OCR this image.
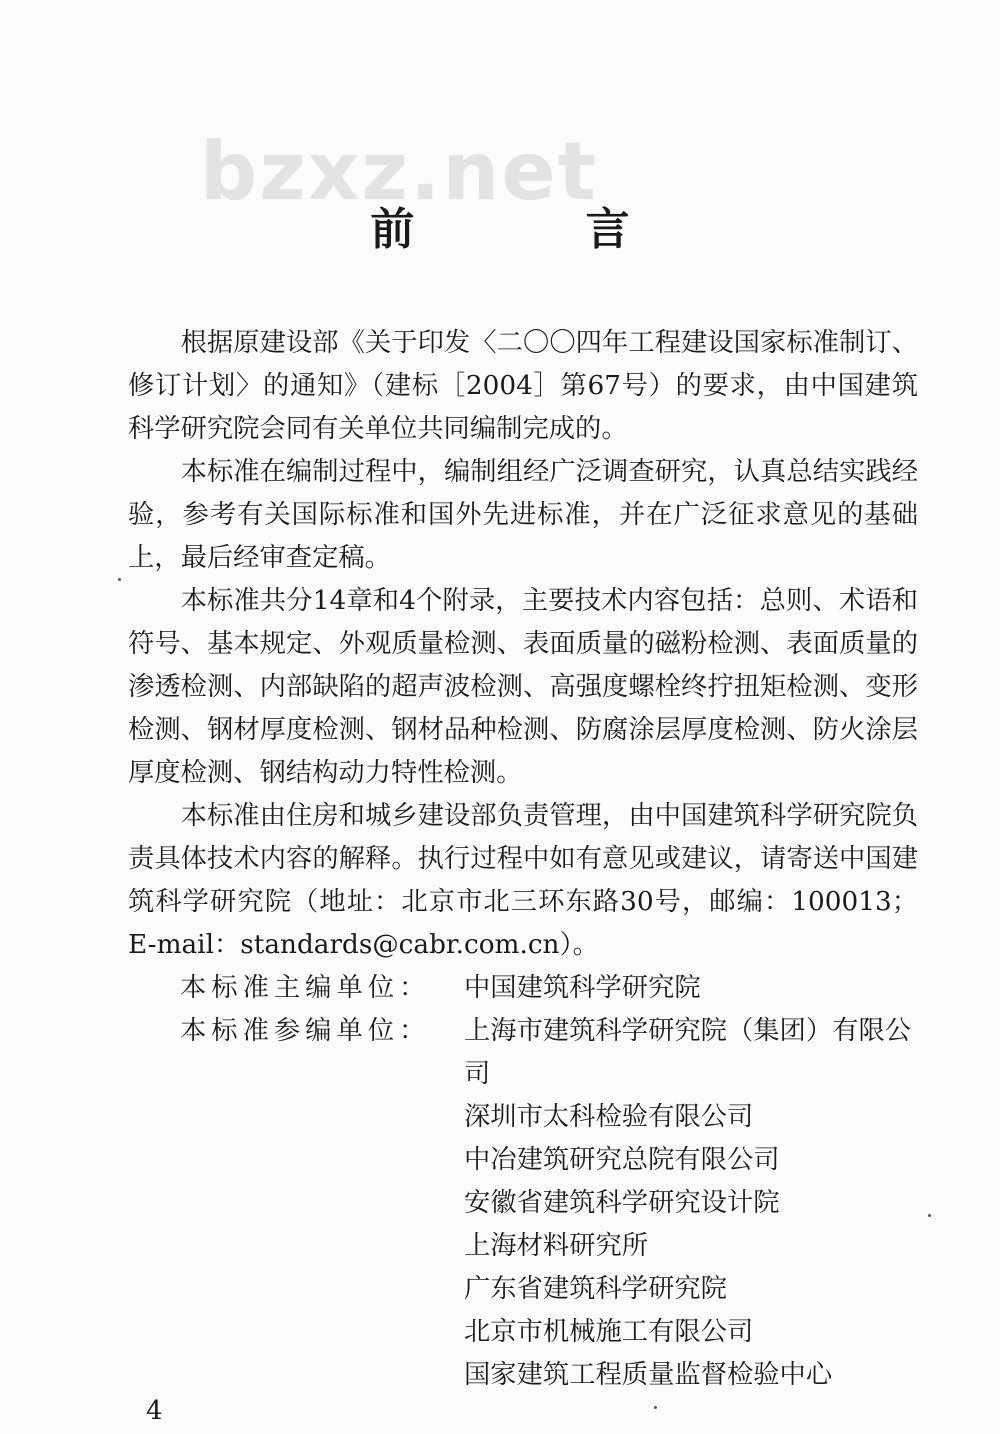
bzxz.net

前 言

根据原建设部《关于印发〈二〇〇四年工程建设国家标准制订、修订计划〉的通知》（建标［2004］第67号）的要求，由中国建筑科学研究院会同有关单位共同编制完成的。

本标准在编制过程中，编制组经广泛调查研究，认真总结实践经验，参考有关国际标准和国外先进标准，并在广泛征求意见的基础上，最后经审查定稿。

本标准共分14章和4个附录，主要技术内容包括：总则、术语和符号、基本规定、外观质量检测、表面质量的磁粉检测、表面质量的渗透检测、内部缺陷的超声波检测、高强度螺栓终拧扭矩检测、变形检测、钢材厚度检测、钢材品种检测、防腐涂层厚度检测、防火涂层厚度检测、钢结构动力特性检测。

本标准由住房和城乡建设部负责管理，由中国建筑科学研究院负责具体技术内容的解释。执行过程中如有意见或建议，请寄送中国建筑科学研究院（地址：北京市北三环东路30号，邮编：100013；E-mail：standards@cabr.com.cn）。

本标准主编单位：	中国建筑科学研究院
本标准参编单位：	上海市建筑科学研究院（集团）有限公司
深圳市太科检验有限公司
中冶建筑研究总院有限公司
安徽省建筑科学研究设计院
上海材料研究所
广东省建筑科学研究院
北京市机械施工有限公司
国家建筑工程质量监督检验中心

4
